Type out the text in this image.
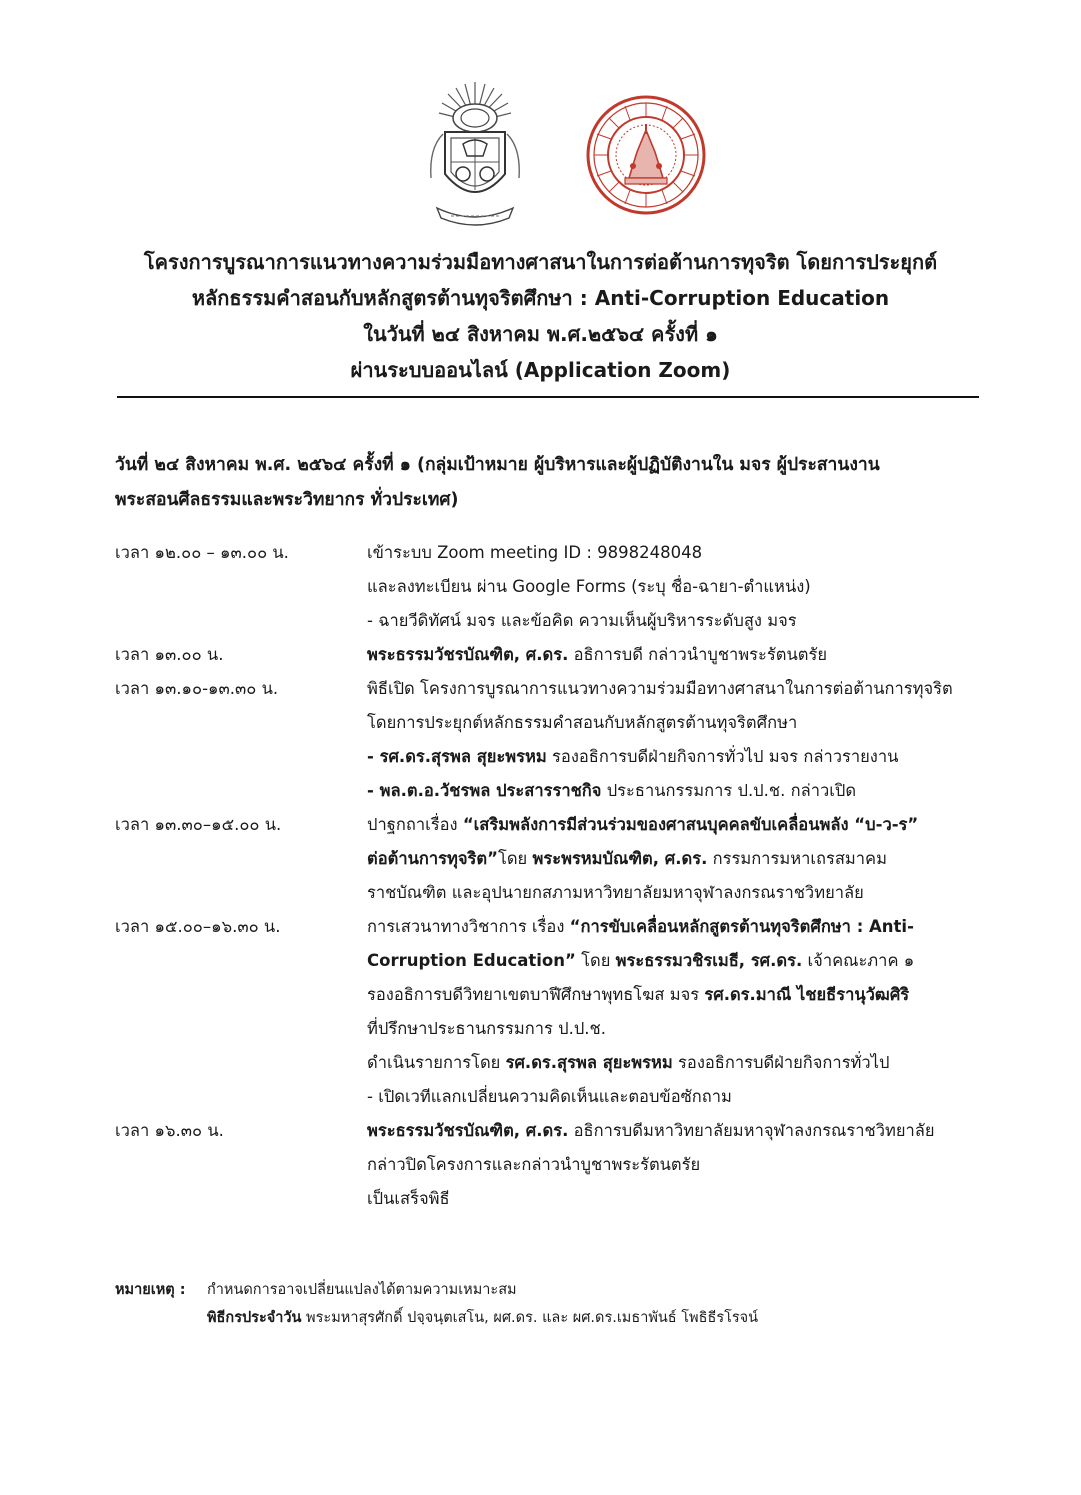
โครงการบูรณาการแนวทางความร่วมมือทางศาสนาในการต่อต้านการทุจริต โดยการประยุกต์
หลักธรรมคำสอนกับหลักสูตรต้านทุจริตศึกษา : Anti-Corruption Education
ในวันที่ ๒๔ สิงหาคม พ.ศ.๒๕๖๔ ครั้งที่ ๑
ผ่านระบบออนไลน์ (Application Zoom)
วันที่ ๒๔ สิงหาคม พ.ศ. ๒๕๖๔ ครั้งที่ ๑ (กลุ่มเป้าหมาย ผู้บริหารและผู้ปฏิบัติงานใน มจร ผู้ประสานงาน
พระสอนศีลธรรมและพระวิทยากร ทั่วประเทศ)
เวลา ๑๒.๐๐ – ๑๓.๐๐ น.	เข้าระบบ Zoom meeting ID : 9898248048
และลงทะเบียน ผ่าน Google Forms (ระบุ ชื่อ-ฉายา-ตำแหน่ง)
- ฉายวีดิทัศน์ มจร และข้อคิด ความเห็นผู้บริหารระดับสูง มจร
เวลา ๑๓.๐๐ น.	พระธรรมวัชรบัณฑิต, ศ.ดร. อธิการบดี กล่าวนำบูชาพระรัตนตรัย
เวลา ๑๓.๑๐-๑๓.๓๐ น.	พิธีเปิด โครงการบูรณาการแนวทางความร่วมมือทางศาสนาในการต่อต้านการทุจริต
โดยการประยุกต์หลักธรรมคำสอนกับหลักสูตรต้านทุจริตศึกษา
- รศ.ดร.สุรพล สุยะพรหม รองอธิการบดีฝ่ายกิจการทั่วไป มจร กล่าวรายงาน
- พล.ต.อ.วัชรพล ประสารราชกิจ ประธานกรรมการ ป.ป.ช. กล่าวเปิด
เวลา ๑๓.๓๐–๑๕.๐๐ น.	ปาฐกถาเรื่อง “เสริมพลังการมีส่วนร่วมของศาสนบุคคลขับเคลื่อนพลัง “บ-ว-ร”
ต่อต้านการทุจริต”โดย พระพรหมบัณฑิต, ศ.ดร. กรรมการมหาเถรสมาคม
ราชบัณฑิต และอุปนายกสภามหาวิทยาลัยมหาจุฬาลงกรณราชวิทยาลัย
เวลา ๑๕.๐๐–๑๖.๓๐ น.	การเสวนาทางวิชาการ เรื่อง “การขับเคลื่อนหลักสูตรต้านทุจริตศึกษา : Anti-
Corruption Education” โดย พระธรรมวชิรเมธี, รศ.ดร. เจ้าคณะภาค ๑
รองอธิการบดีวิทยาเขตบาฬีศึกษาพุทธโฆส มจร รศ.ดร.มาณี ไชยธีรานุวัฒศิริ
ที่ปรึกษาประธานกรรมการ ป.ป.ช.
ดำเนินรายการโดย รศ.ดร.สุรพล สุยะพรหม รองอธิการบดีฝ่ายกิจการทั่วไป
- เปิดเวทีแลกเปลี่ยนความคิดเห็นและตอบข้อซักถาม
เวลา ๑๖.๓๐ น.	พระธรรมวัชรบัณฑิต, ศ.ดร. อธิการบดีมหาวิทยาลัยมหาจุฬาลงกรณราชวิทยาลัย
กล่าวปิดโครงการและกล่าวนำบูชาพระรัตนตรัย
เป็นเสร็จพิธี
หมายเหตุ : กำหนดการอาจเปลี่ยนแปลงได้ตามความเหมาะสม
พิธีกรประจำวัน พระมหาสุรศักดิ์ ปจฺจนฺตเสโน, ผศ.ดร. และ ผศ.ดร.เมธาพันธ์ โพธิธีรโรจน์
